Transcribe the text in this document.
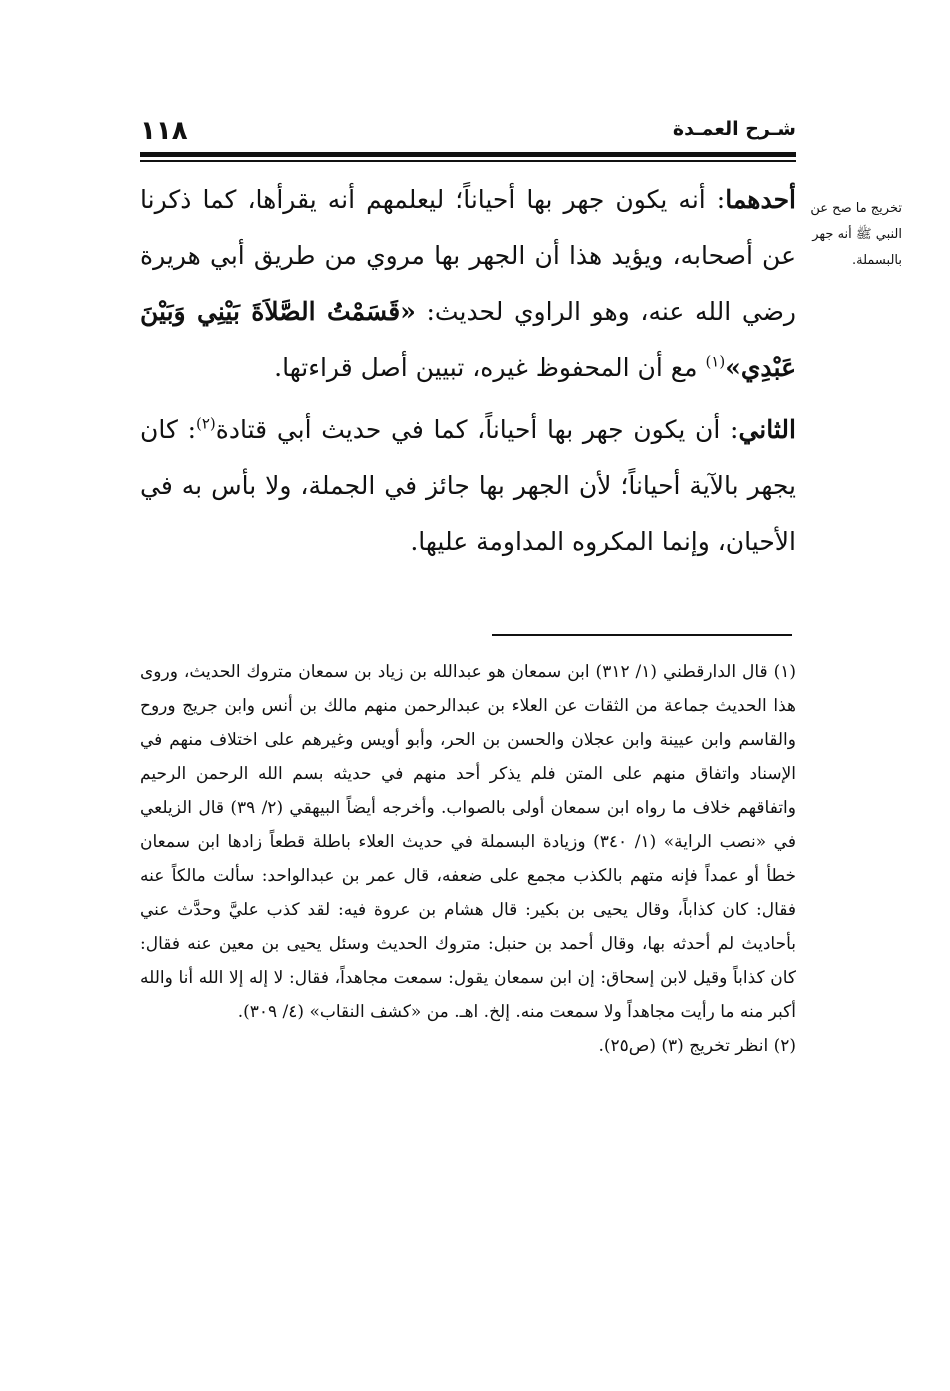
١١٨	شـرح العمـدة
تخريج ما صح عن النبي ﷺ أنه جهر بالبسملة.

أحدهما: أنه يكون جهر بها أحياناً؛ ليعلمهم أنه يقرأها، كما ذكرنا عن أصحابه، ويؤيد هذا أن الجهر بها مروي من طريق أبي هريرة رضي الله عنه، وهو الراوي لحديث: «قَسَمْتُ الصَّلاَةَ بَيْنِي وَبَيْنَ عَبْدِي»$^{(١)}$ مع أن المحفوظ غيره، تبيين أصل قراءتها.

الثاني: أن يكون جهر بها أحياناً، كما في حديث أبي قتادة$^{(٢)}$: كان يجهر بالآية أحياناً؛ لأن الجهر بها جائز في الجملة، ولا بأس به في الأحيان، وإنما المكروه المداومة عليها.

(١) قال الدارقطني (١/ ٣١٢) ابن سمعان هو عبدالله بن زياد بن سمعان متروك الحديث، وروى هذا الحديث جماعة من الثقات عن العلاء بن عبدالرحمن منهم مالك بن أنس وابن جريج وروح والقاسم وابن عيينة وابن عجلان والحسن بن الحر، وأبو أويس وغيرهم على اختلاف منهم في الإسناد واتفاق منهم على المتن فلم يذكر أحد منهم في حديثه بسم الله الرحمن الرحيم واتفاقهم خلاف ما رواه ابن سمعان أولى بالصواب. وأخرجه أيضاً البيهقي (٢/ ٣٩) قال الزيلعي في «نصب الراية» (١/ ٣٤٠) وزيادة البسملة في حديث العلاء باطلة قطعاً زادها ابن سمعان خطأ أو عمداً فإنه متهم بالكذب مجمع على ضعفه، قال عمر بن عبدالواحد: سألت مالكاً عنه فقال: كان كذاباً، وقال يحيى بن بكير: قال هشام بن عروة فيه: لقد كذب عليَّ وحدَّث عني بأحاديث لم أحدثه بها، وقال أحمد بن حنبل: متروك الحديث وسئل يحيى بن معين عنه فقال: كان كذاباً وقيل لابن إسحاق: إن ابن سمعان يقول: سمعت مجاهداً، فقال: لا إله إلا الله أنا والله أكبر منه ما رأيت مجاهداً ولا سمعت منه. إلخ. اهـ. من «كشف النقاب» (٤/ ٣٠٩).

(٢) انظر تخريج (٣) (ص٢٥).
